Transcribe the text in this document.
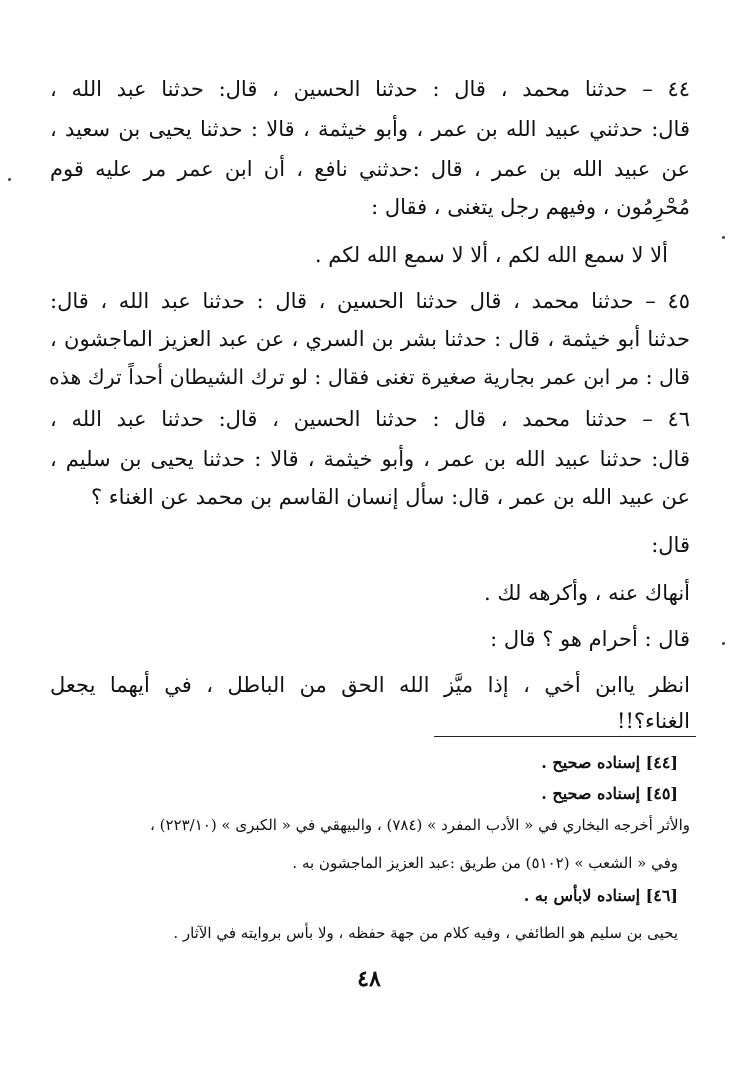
٤٤ – حدثنا محمد ، قال : حدثنا الحسين ، قال: حدثنا عبد الله ،
قال: حدثني عبيد الله بن عمر ، وأبو خيثمة ، قالا : حدثنا يحيى بن سعيد ،
عن عبيد الله بن عمر ، قال :حدثني نافع ، أن ابن عمر مر عليه قوم
مُحْرِمُون ، وفيهم رجل يتغنى ، فقال :
ألا لا سمع الله لكم ، ألا لا سمع الله لكم .
٤٥ – حدثنا محمد ، قال حدثنا الحسين ، قال : حدثنا عبد الله ، قال:
حدثنا أبو خيثمة ، قال : حدثنا بشر بن السري ، عن عبد العزيز الماجشون ،
قال : مر ابن عمر بجارية صغيرة تغنى فقال : لو ترك الشيطان أحداً ترك هذه
٤٦ – حدثنا محمد ، قال : حدثنا الحسين ، قال: حدثنا عبد الله ،
قال: حدثنا عبيد الله بن عمر ، وأبو خيثمة ، قالا : حدثنا يحيى بن سليم ،
عن عبيد الله بن عمر ، قال: سأل إنسان القاسم بن محمد عن الغناء ؟
قال:
أنهاك عنه ، وأكرهه لك .
قال : أحرام هو ؟ قال :
انظر ياابن أخي ، إذا ميَّز الله الحق من الباطل ، في أيهما يجعل
الغناء؟!!
[٤٤] إسناده صحيح .
[٤٥] إسناده صحيح .
والأثر أخرجه البخاري في « الأدب المفرد » (٧٨٤) ، والبيهقي في « الكبرى » (٢٢٣/١٠) ،
وفي « الشعب » (٥١٠٢) من طريق :عبد العزيز الماجشون به .
[٤٦] إسناده لابأس به .
يحيى بن سليم هو الطائفي ، وفيه كلام من جهة حفظه ، ولا بأس بروايته في الآثار .
٤٨
